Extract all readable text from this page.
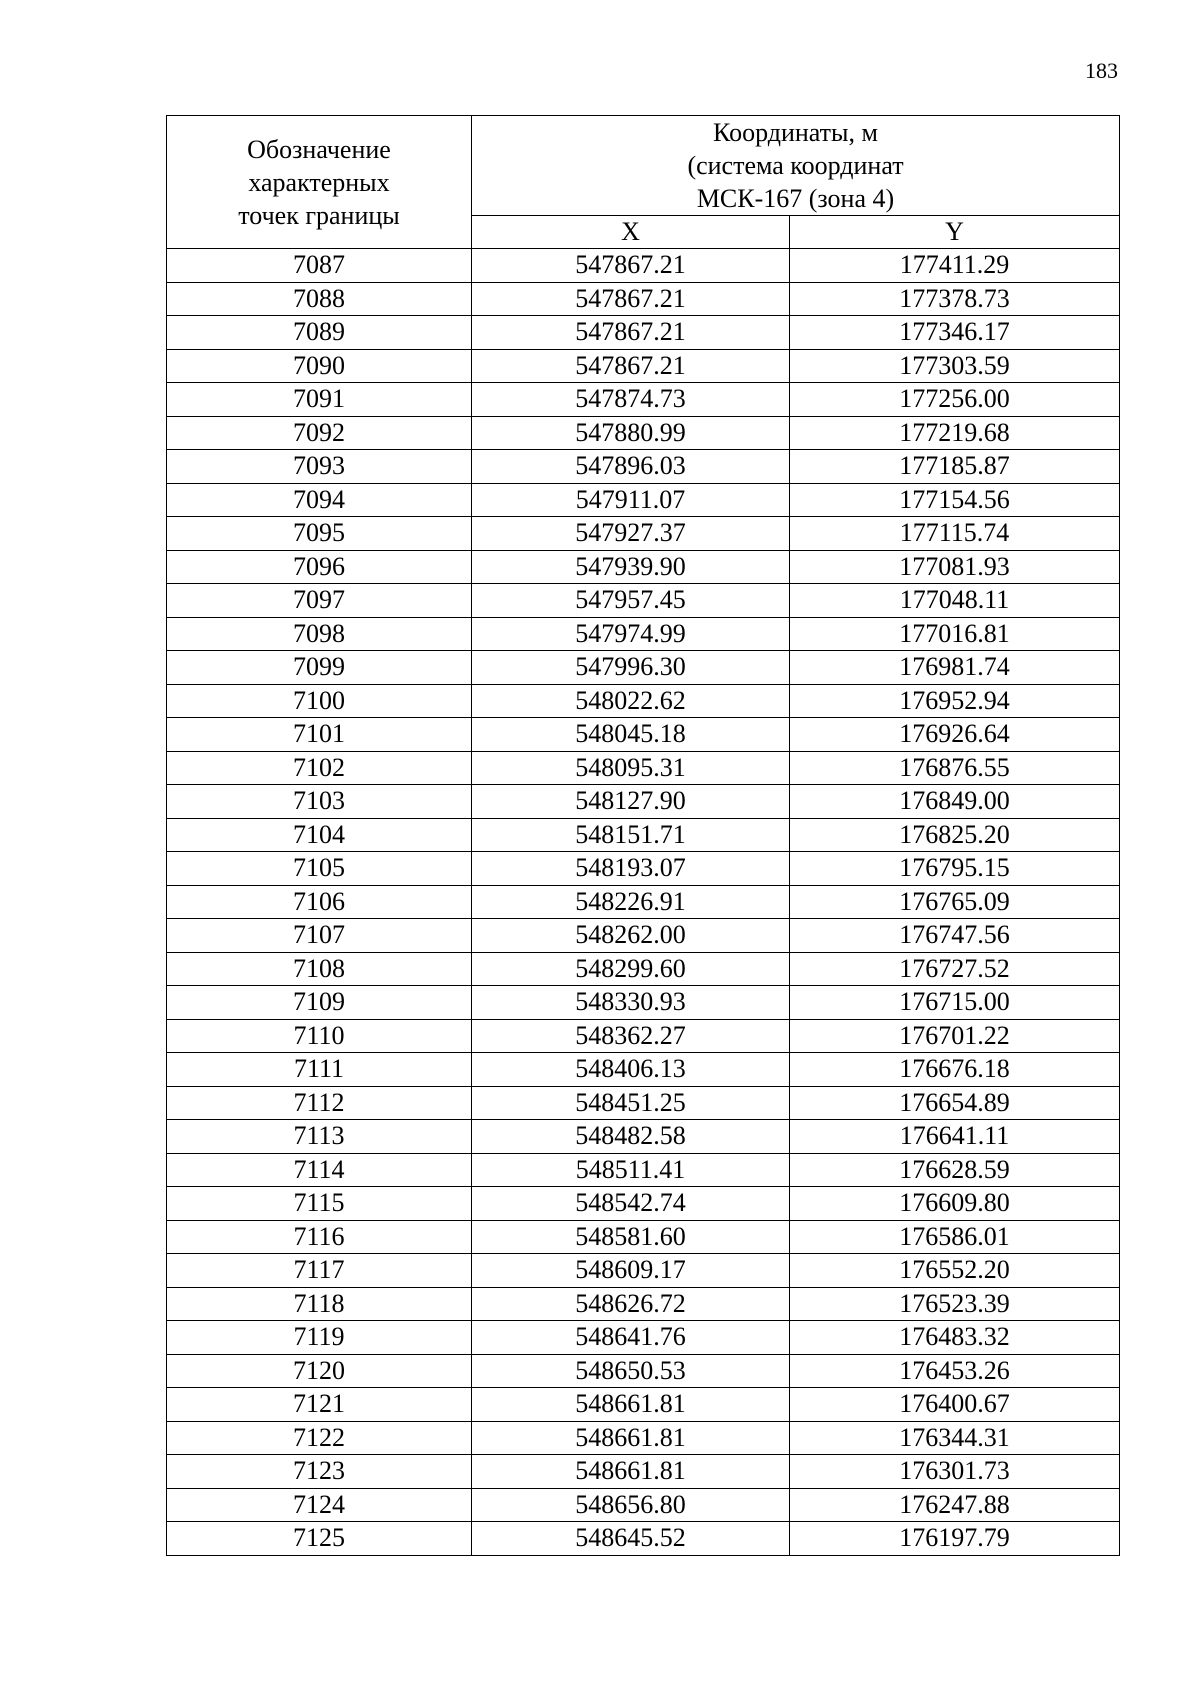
183
Обозначение
характерных
точек границы	Координаты, м
(система координат
МСК-167 (зона 4)	

	X	Y
7087	547867.21	177411.29
7088	547867.21	177378.73
7089	547867.21	177346.17
7090	547867.21	177303.59
7091	547874.73	177256.00
7092	547880.99	177219.68
7093	547896.03	177185.87
7094	547911.07	177154.56
7095	547927.37	177115.74
7096	547939.90	177081.93
7097	547957.45	177048.11
7098	547974.99	177016.81
7099	547996.30	176981.74
7100	548022.62	176952.94
7101	548045.18	176926.64
7102	548095.31	176876.55
7103	548127.90	176849.00
7104	548151.71	176825.20
7105	548193.07	176795.15
7106	548226.91	176765.09
7107	548262.00	176747.56
7108	548299.60	176727.52
7109	548330.93	176715.00
7110	548362.27	176701.22
7111	548406.13	176676.18
7112	548451.25	176654.89
7113	548482.58	176641.11
7114	548511.41	176628.59
7115	548542.74	176609.80
7116	548581.60	176586.01
7117	548609.17	176552.20
7118	548626.72	176523.39
7119	548641.76	176483.32
7120	548650.53	176453.26
7121	548661.81	176400.67
7122	548661.81	176344.31
7123	548661.81	176301.73
7124	548656.80	176247.88
7125	548645.52	176197.79
